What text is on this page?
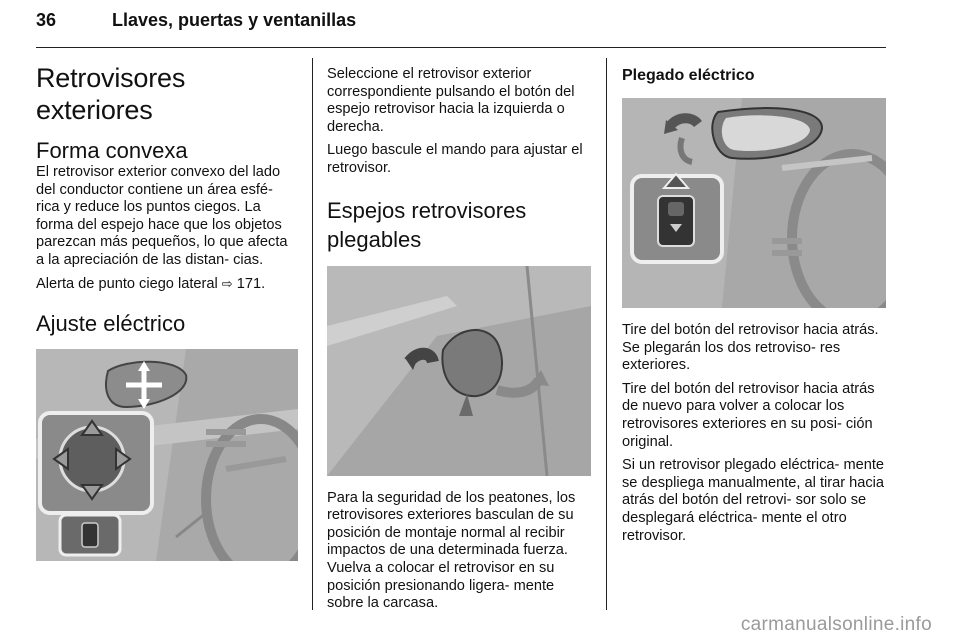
36	Llaves, puertas y ventanillas
Retrovisores exteriores
Forma convexa

El retrovisor exterior convexo del lado del conductor contiene un área esfé- rica y reduce los puntos ciegos. La forma del espejo hace que los objetos parezcan más pequeños, lo que afecta a la apreciación de las distan- cias.

Alerta de punto ciego lateral ⇨ 171.

Ajuste eléctrico

Seleccione el retrovisor exterior correspondiente pulsando el botón del espejo retrovisor hacia la izquierda o derecha.

Luego bascule el mando para ajustar el retrovisor.

Espejos retrovisores plegables

Para la seguridad de los peatones, los retrovisores exteriores basculan de su posición de montaje normal al recibir impactos de una determinada fuerza. Vuelva a colocar el retrovisor en su posición presionando ligera- mente sobre la carcasa.

Plegado eléctrico

Tire del botón del retrovisor hacia atrás. Se plegarán los dos retroviso- res exteriores.

Tire del botón del retrovisor hacia atrás de nuevo para volver a colocar los retrovisores exteriores en su posi- ción original.

Si un retrovisor plegado eléctrica- mente se despliega manualmente, al tirar hacia atrás del botón del retrovi- sor solo se desplegará eléctrica- mente el otro retrovisor.

carmanualsonline.info
